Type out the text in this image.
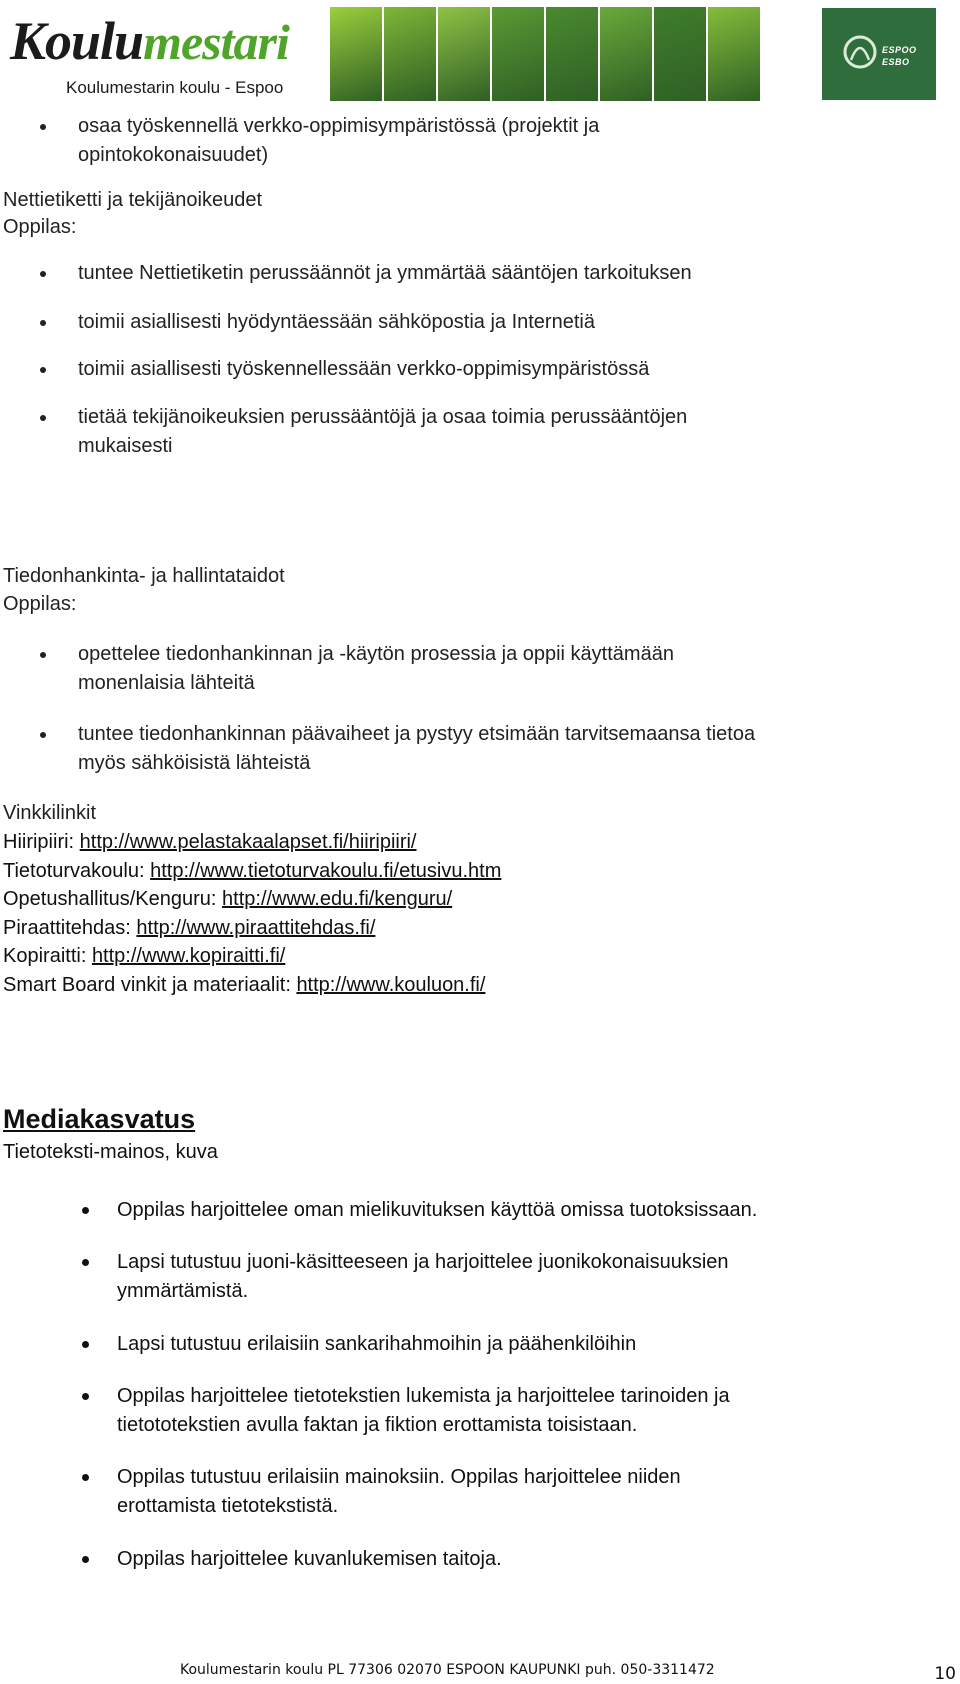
Koulumestari
Koulumestarin koulu - Espoo
ESPOO
ESBO
osaa työskennellä verkko-oppimisympäristössä (projektit ja
opintokokonaisuudet)
Nettietiketti ja tekijänoikeudet
Oppilas:
tuntee Nettietiketin perussäännöt ja ymmärtää sääntöjen tarkoituksen
toimii asiallisesti hyödyntäessään sähköpostia ja Internetiä
toimii asiallisesti työskennellessään verkko-oppimisympäristössä
tietää tekijänoikeuksien perussääntöjä ja osaa toimia perussääntöjen
mukaisesti
Tiedonhankinta- ja hallintataidot
Oppilas:
opettelee tiedonhankinnan ja -käytön prosessia ja oppii käyttämään
monenlaisia lähteitä
tuntee tiedonhankinnan päävaiheet ja pystyy etsimään tarvitsemaansa tietoa
myös sähköisistä lähteistä
Vinkkilinkit
Hiiripiiri: http://www.pelastakaalapset.fi/hiiripiiri/
Tietoturvakoulu: http://www.tietoturvakoulu.fi/etusivu.htm
Opetushallitus/Kenguru: http://www.edu.fi/kenguru/
Piraattitehdas: http://www.piraattitehdas.fi/
Kopiraitti: http://www.kopiraitti.fi/
Smart Board vinkit ja materiaalit: http://www.kouluon.fi/
Mediakasvatus
Tietoteksti-mainos, kuva
Oppilas harjoittelee oman mielikuvituksen käyttöä omissa tuotoksissaan.
Lapsi tutustuu juoni-käsitteeseen ja harjoittelee juonikokonaisuuksien
ymmärtämistä.
Lapsi tutustuu erilaisiin sankarihahmoihin ja päähenkilöihin
Oppilas harjoittelee tietotekstien lukemista ja harjoittelee tarinoiden ja
tietototekstien avulla faktan ja fiktion erottamista toisistaan.
Oppilas tutustuu erilaisiin mainoksiin. Oppilas harjoittelee niiden
erottamista tietotekstistä.
Oppilas harjoittelee kuvanlukemisen taitoja.
Koulumestarin koulu PL 77306 02070 ESPOON KAUPUNKI puh. 050-3311472	10
